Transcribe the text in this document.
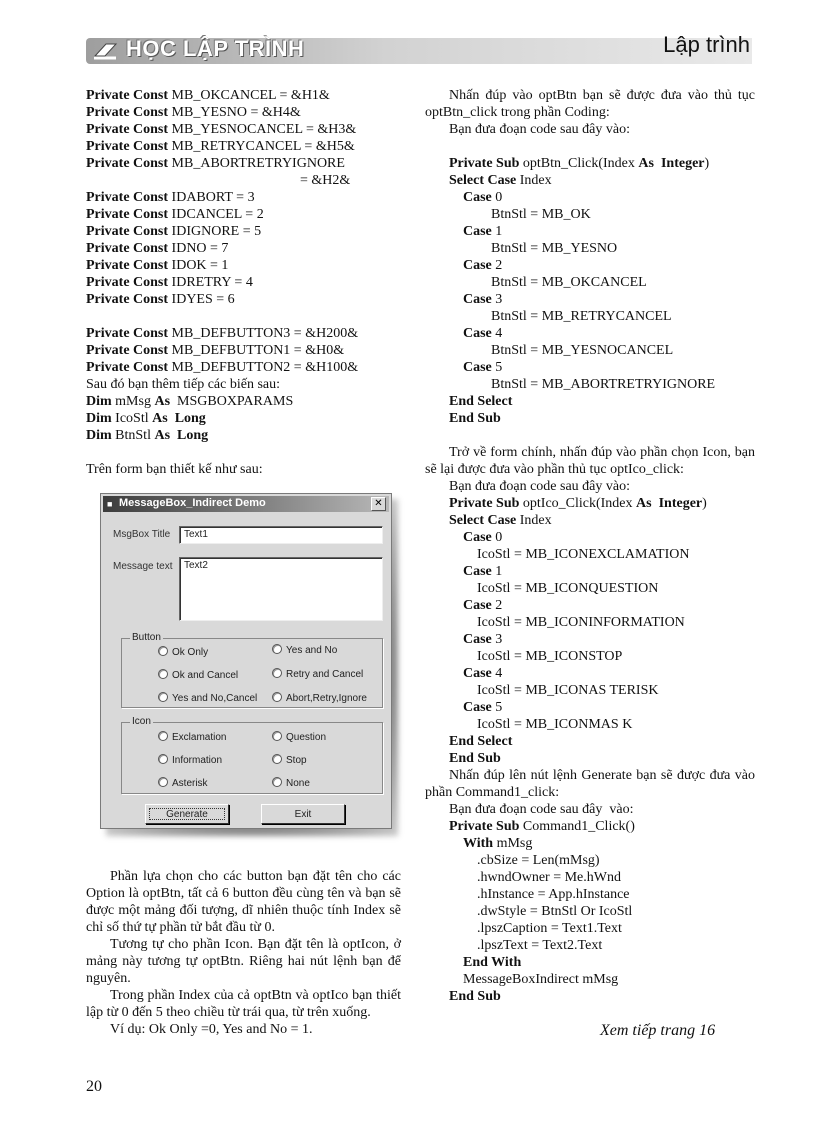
HỌC LẬP TRÌNH	Lập trình
Private Const MB_OKCANCEL = &H1&
Private Const MB_YESNO = &H4&
Private Const MB_YESNOCANCEL = &H3&
Private Const MB_RETRYCANCEL = &H5&
Private Const MB_ABORTRETRYIGNORE
= &H2&
Private Const IDABORT = 3
Private Const IDCANCEL = 2
Private Const IDIGNORE = 5
Private Const IDNO = 7
Private Const IDOK = 1
Private Const IDRETRY = 4
Private Const IDYES = 6
Private Const MB_DEFBUTTON3 = &H200&
Private Const MB_DEFBUTTON1 = &H0&
Private Const MB_DEFBUTTON2 = &H100&
Sau đó bạn thêm tiếp các biến sau:
Dim mMsg As  MSGBOXPARAMS
Dim IcoStl As  Long
Dim BtnStl As  Long
Trên form bạn thiết kế như sau:
■ MessageBox_Indirect Demo	✕
MsgBox Title	Text1
Message text	Text2
Button
Ok Only	Yes and No
Ok and Cancel	Retry and Cancel
Yes and No,Cancel	Abort,Retry,Ignore
Icon
Exclamation	Question
Information	Stop
Asterisk	None
Generate	Exit
Phần lựa chọn cho các button bạn đặt tên cho các Option là optBtn, tất cả 6 button đều cùng tên và bạn sẽ được một mảng đối tượng, dĩ nhiên thuộc tính Index sẽ chỉ số thứ tự phần tử bắt đầu từ 0.
Tương tự cho phần Icon. Bạn đặt tên là optIcon, ở mảng này tương tự optBtn. Riêng hai nút lệnh bạn để nguyên.
Trong phần Index của cả optBtn và optIco bạn thiết lập từ 0 đến 5 theo chiều từ trái qua, từ trên xuống.
Ví dụ: Ok Only =0, Yes and No = 1.
Nhấn đúp vào optBtn bạn sẽ được đưa vào thủ tục optBtn_click trong phần Coding:
Bạn đưa đoạn code sau đây vào:
Private Sub optBtn_Click(Index As  Integer)
Select Case Index
Case 0
BtnStl = MB_OK
Case 1
BtnStl = MB_YESNO
Case 2
BtnStl = MB_OKCANCEL
Case 3
BtnStl = MB_RETRYCANCEL
Case 4
BtnStl = MB_YESNOCANCEL
Case 5
BtnStl = MB_ABORTRETRYIGNORE
End Select
End Sub
Trở về form chính, nhấn đúp vào phần chọn Icon, bạn sẽ lại được đưa vào phần thủ tục optIco_click:
Bạn đưa đoạn code sau đây vào:
Private Sub optIco_Click(Index As  Integer)
Select Case Index
Case 0
IcoStl = MB_ICONEXCLAMATION
Case 1
IcoStl = MB_ICONQUESTION
Case 2
IcoStl = MB_ICONINFORMATION
Case 3
IcoStl = MB_ICONSTOP
Case 4
IcoStl = MB_ICONAS TERISK
Case 5
IcoStl = MB_ICONMAS K
End Select
End Sub
Nhấn đúp lên nút lệnh Generate bạn sẽ được đưa vào phần Command1_click:
Bạn đưa đoạn code sau đây  vào:
Private Sub Command1_Click()
With mMsg
.cbSize = Len(mMsg)
.hwndOwner = Me.hWnd
.hInstance = App.hInstance
.dwStyle = BtnStl Or IcoStl
.lpszCaption = Text1.Text
.lpszText = Text2.Text
End With
MessageBoxIndirect mMsg
End Sub
Xem tiếp trang 16
20
